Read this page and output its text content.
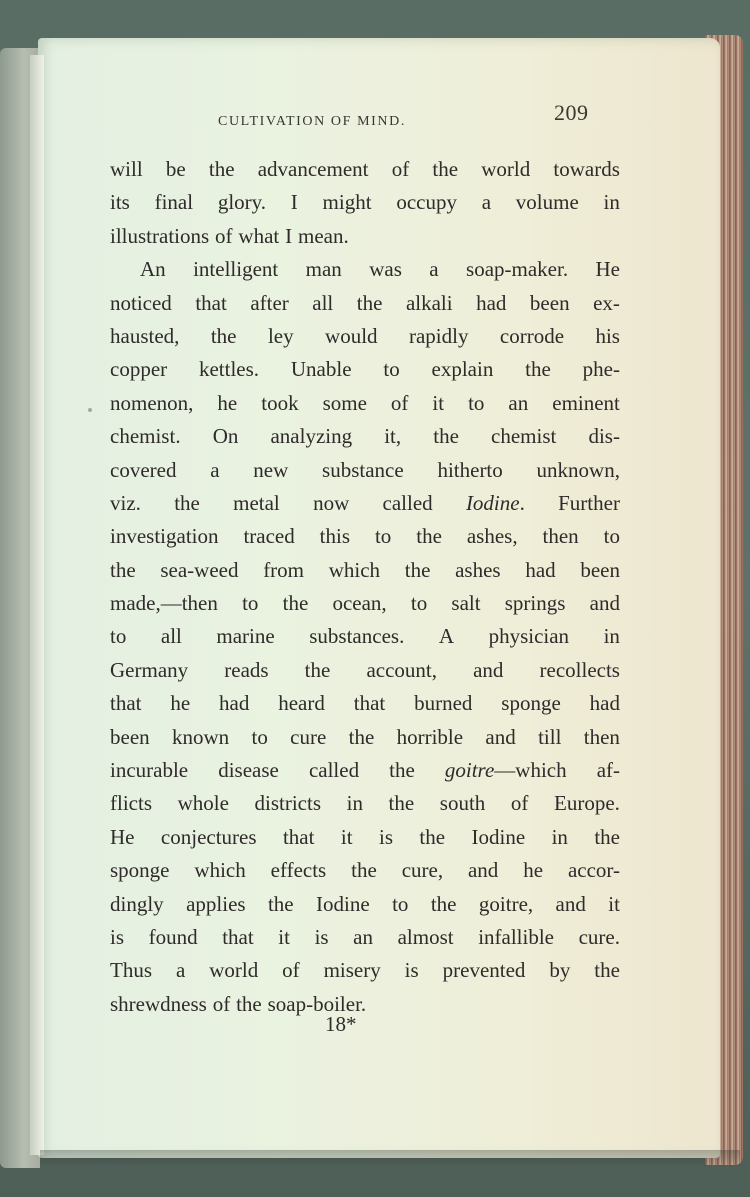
CULTIVATION OF MIND.	209
will be the advancement of the world towards
its final glory. I might occupy a volume in
illustrations of what I mean.
An intelligent man was a soap-maker. He
noticed that after all the alkali had been ex-
hausted, the ley would rapidly corrode his
copper kettles. Unable to explain the phe-
nomenon, he took some of it to an eminent
chemist. On analyzing it, the chemist dis-
covered a new substance hitherto unknown,
viz. the metal now called Iodine. Further
investigation traced this to the ashes, then to
the sea-weed from which the ashes had been
made,—then to the ocean, to salt springs and
to all marine substances. A physician in
Germany reads the account, and recollects
that he had heard that burned sponge had
been known to cure the horrible and till then
incurable disease called the goitre—which af-
flicts whole districts in the south of Europe.
He conjectures that it is the Iodine in the
sponge which effects the cure, and he accor-
dingly applies the Iodine to the goitre, and it
is found that it is an almost infallible cure.
Thus a world of misery is prevented by the
shrewdness of the soap-boiler.
18*
